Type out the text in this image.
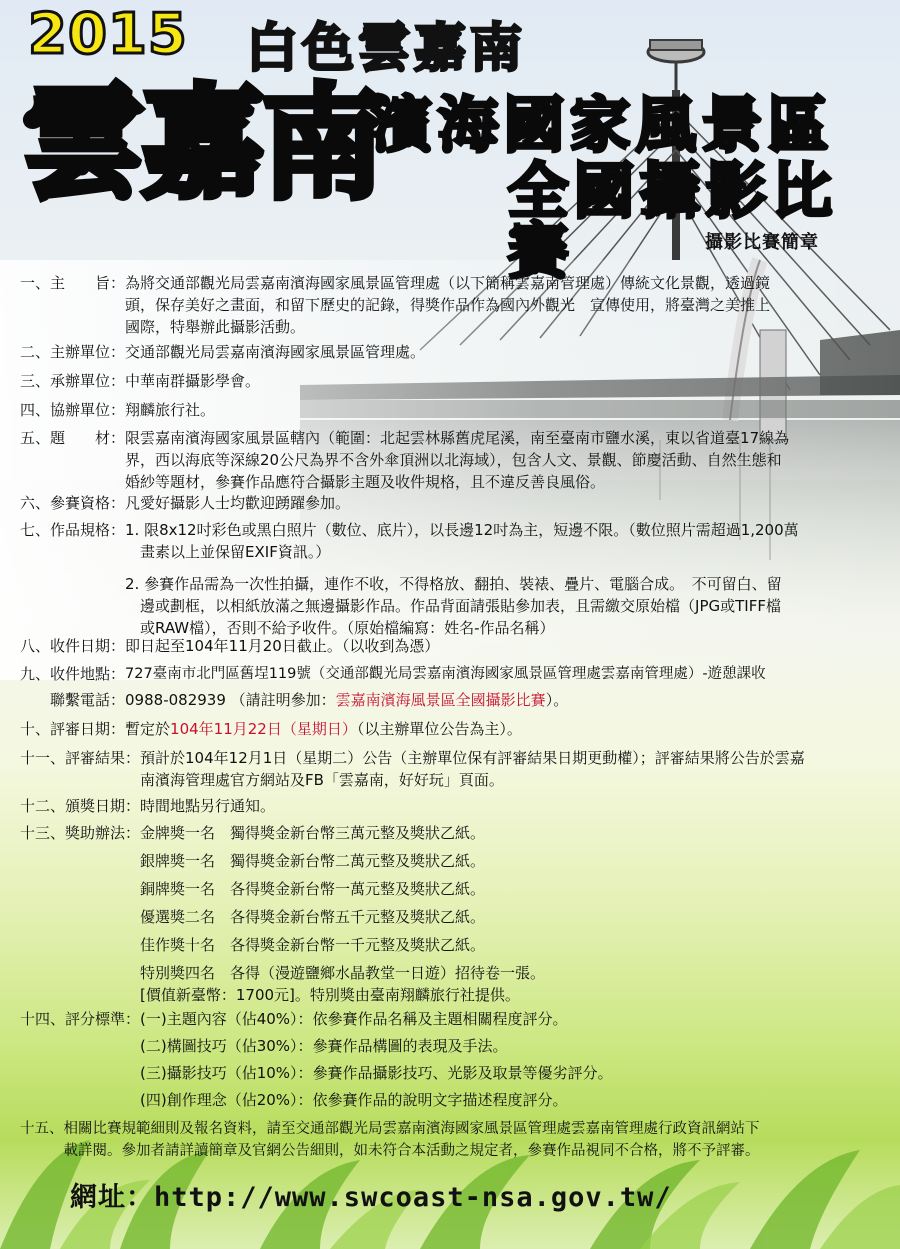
2015 白色雲嘉南
雲嘉南
濱海國家風景區
全國攝影比賽	攝影比賽簡章
一、主　　旨： 為將交通部觀光局雲嘉南濱海國家風景區管理處（以下簡稱雲嘉南管理處）傳統文化景觀，透過鏡
頭，保存美好之畫面，和留下歷史的記錄，得獎作品作為國內外觀光　宣傳使用，將臺灣之美推上
國際，特舉辦此攝影活動。
二、主辦單位： 交通部觀光局雲嘉南濱海國家風景區管理處。
三、承辦單位： 中華南群攝影學會。
四、協辦單位： 翔麟旅行社。
五、題　　材： 限雲嘉南濱海國家風景區轄內（範圍：北起雲林縣舊虎尾溪，南至臺南市鹽水溪，東以省道臺17線為
界，西以海底等深線20公尺為界不含外傘頂洲以北海域），包含人文、景觀、節慶活動、自然生態和
婚紗等題材，參賽作品應符合攝影主題及收件規格，且不違反善良風俗。
六、參賽資格： 凡愛好攝影人士均歡迎踴躍參加。
七、作品規格： 1. 限8x12吋彩色或黑白照片（數位、底片），以長邊12吋為主，短邊不限。（數位照片需超過1,200萬
　畫素以上並保留EXIF資訊。）
2. 參賽作品需為一次性拍攝，連作不收，不得格放、翻拍、裝裱、疊片、電腦合成。　不可留白、留
　邊或劃框，以相紙放滿之無邊攝影作品。作品背面請張貼參加表，且需繳交原始檔（JPG或TIFF檔
　或RAW檔），否則不給予收件。（原始檔編寫：姓名-作品名稱）
八、收件日期： 即日起至104年11月20日截止。（以收到為憑）
九、收件地點： 727臺南市北門區舊埕119號（交通部觀光局雲嘉南濱海國家風景區管理處雲嘉南管理處）-遊憩課收
　　聯繫電話： 0988-082939 （請註明參加：雲嘉南濱海風景區全國攝影比賽）。
十、評審日期： 暫定於104年11月22日（星期日）（以主辦單位公告為主）。
十一、評審結果： 預計於104年12月1日（星期二）公告（主辦單位保有評審結果日期更動權）；評審結果將公告於雲嘉
南濱海管理處官方網站及FB「雲嘉南，好好玩」頁面。
十二、頒獎日期： 時間地點另行通知。
十三、獎助辦法： 金牌獎一名　獨得獎金新台幣三萬元整及獎狀乙紙。
銀牌獎一名　獨得獎金新台幣二萬元整及獎狀乙紙。
銅牌獎一名　各得獎金新台幣一萬元整及獎狀乙紙。
優選獎二名　各得獎金新台幣五千元整及獎狀乙紙。
佳作獎十名　各得獎金新台幣一千元整及獎狀乙紙。
特別獎四名　各得（漫遊鹽鄉水晶教堂一日遊）招待卷一張。
[價值新臺幣：1700元]。特別獎由臺南翔麟旅行社提供。
十四、評分標準： (一)主題內容（佔40%）：依參賽作品名稱及主題相關程度評分。
(二)構圖技巧（佔30%）：參賽作品構圖的表現及手法。
(三)攝影技巧（佔10%）：參賽作品攝影技巧、光影及取景等優劣評分。
(四)創作理念（佔20%）：依參賽作品的說明文字描述程度評分。
十五、 相關比賽規範細則及報名資料，請至交通部觀光局雲嘉南濱海國家風景區管理處雲嘉南管理處行政資訊網站下
載詳閱。參加者請詳讀簡章及官網公告細則，如未符合本活動之規定者，參賽作品視同不合格，將不予評審。
網址：http://www.swcoast-nsa.gov.tw/
